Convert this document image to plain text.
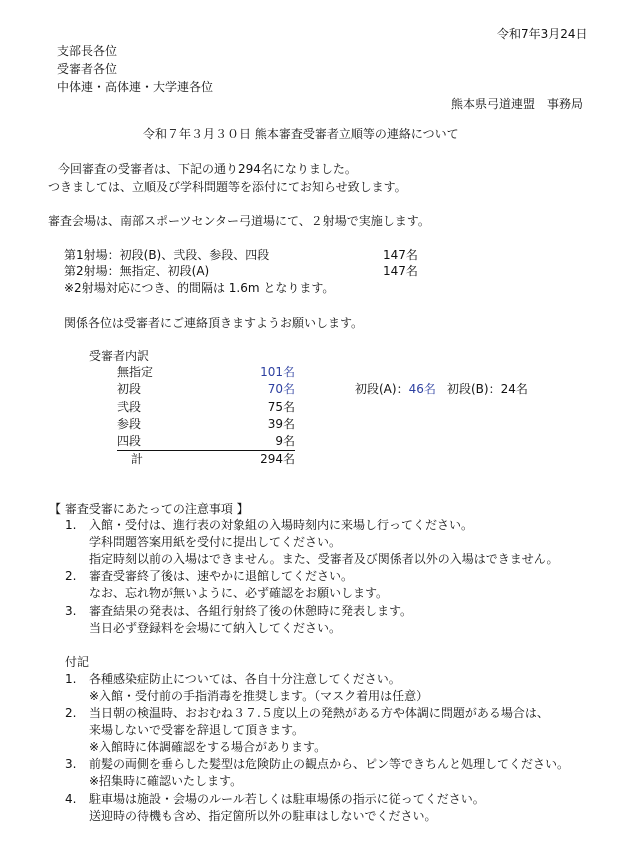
令和7年3月24日
支部長各位
受審者各位
中体連・高体連・大学連各位
熊本県弓道連盟　事務局
令和７年３月３０日 熊本審査受審者立順等の連絡について
今回審査の受審者は、下記の通り294名になりました。
つきましては、立順及び学科問題等を添付にてお知らせ致します。
審査会場は、南部スポーツセンター弓道場にて、２射場で実施します。
第1射場：初段(B)、弐段、参段、四段	147名
第2射場：無指定、初段(A)	147名
※2射場対応につき、的間隔は 1.6m となります。
関係各位は受審者にご連絡頂きますようお願いします。
受審者内訳
無指定	101名
初段	70名
弐段	75名
参段	39名
四段	9名
計	294名
初段(A)：46名 初段(B)：24名
【 審査受審にあたっての注意事項 】
1. 入館・受付は、進行表の対象組の入場時刻内に来場し行ってください。
学科問題答案用紙を受付に提出してください。
指定時刻以前の入場はできません。また、受審者及び関係者以外の入場はできません。
2. 審査受審終了後は、速やかに退館してください。
なお、忘れ物が無いように、必ず確認をお願いします。
3. 審査結果の発表は、各組行射終了後の休憩時に発表します。
当日必ず登録料を会場にて納入してください。
付記
1. 各種感染症防止については、各自十分注意してください。
※入館・受付前の手指消毒を推奨します。（マスク着用は任意）
2. 当日朝の検温時、おおむね３７.５度以上の発熱がある方や体調に問題がある場合は、
来場しないで受審を辞退して頂きます。
※入館時に体調確認をする場合があります。
3. 前髪の両側を垂らした髪型は危険防止の観点から、ピン等できちんと処理してください。
※招集時に確認いたします。
4. 駐車場は施設・会場のルール若しくは駐車場係の指示に従ってください。
送迎時の待機も含め、指定箇所以外の駐車はしないでください。
